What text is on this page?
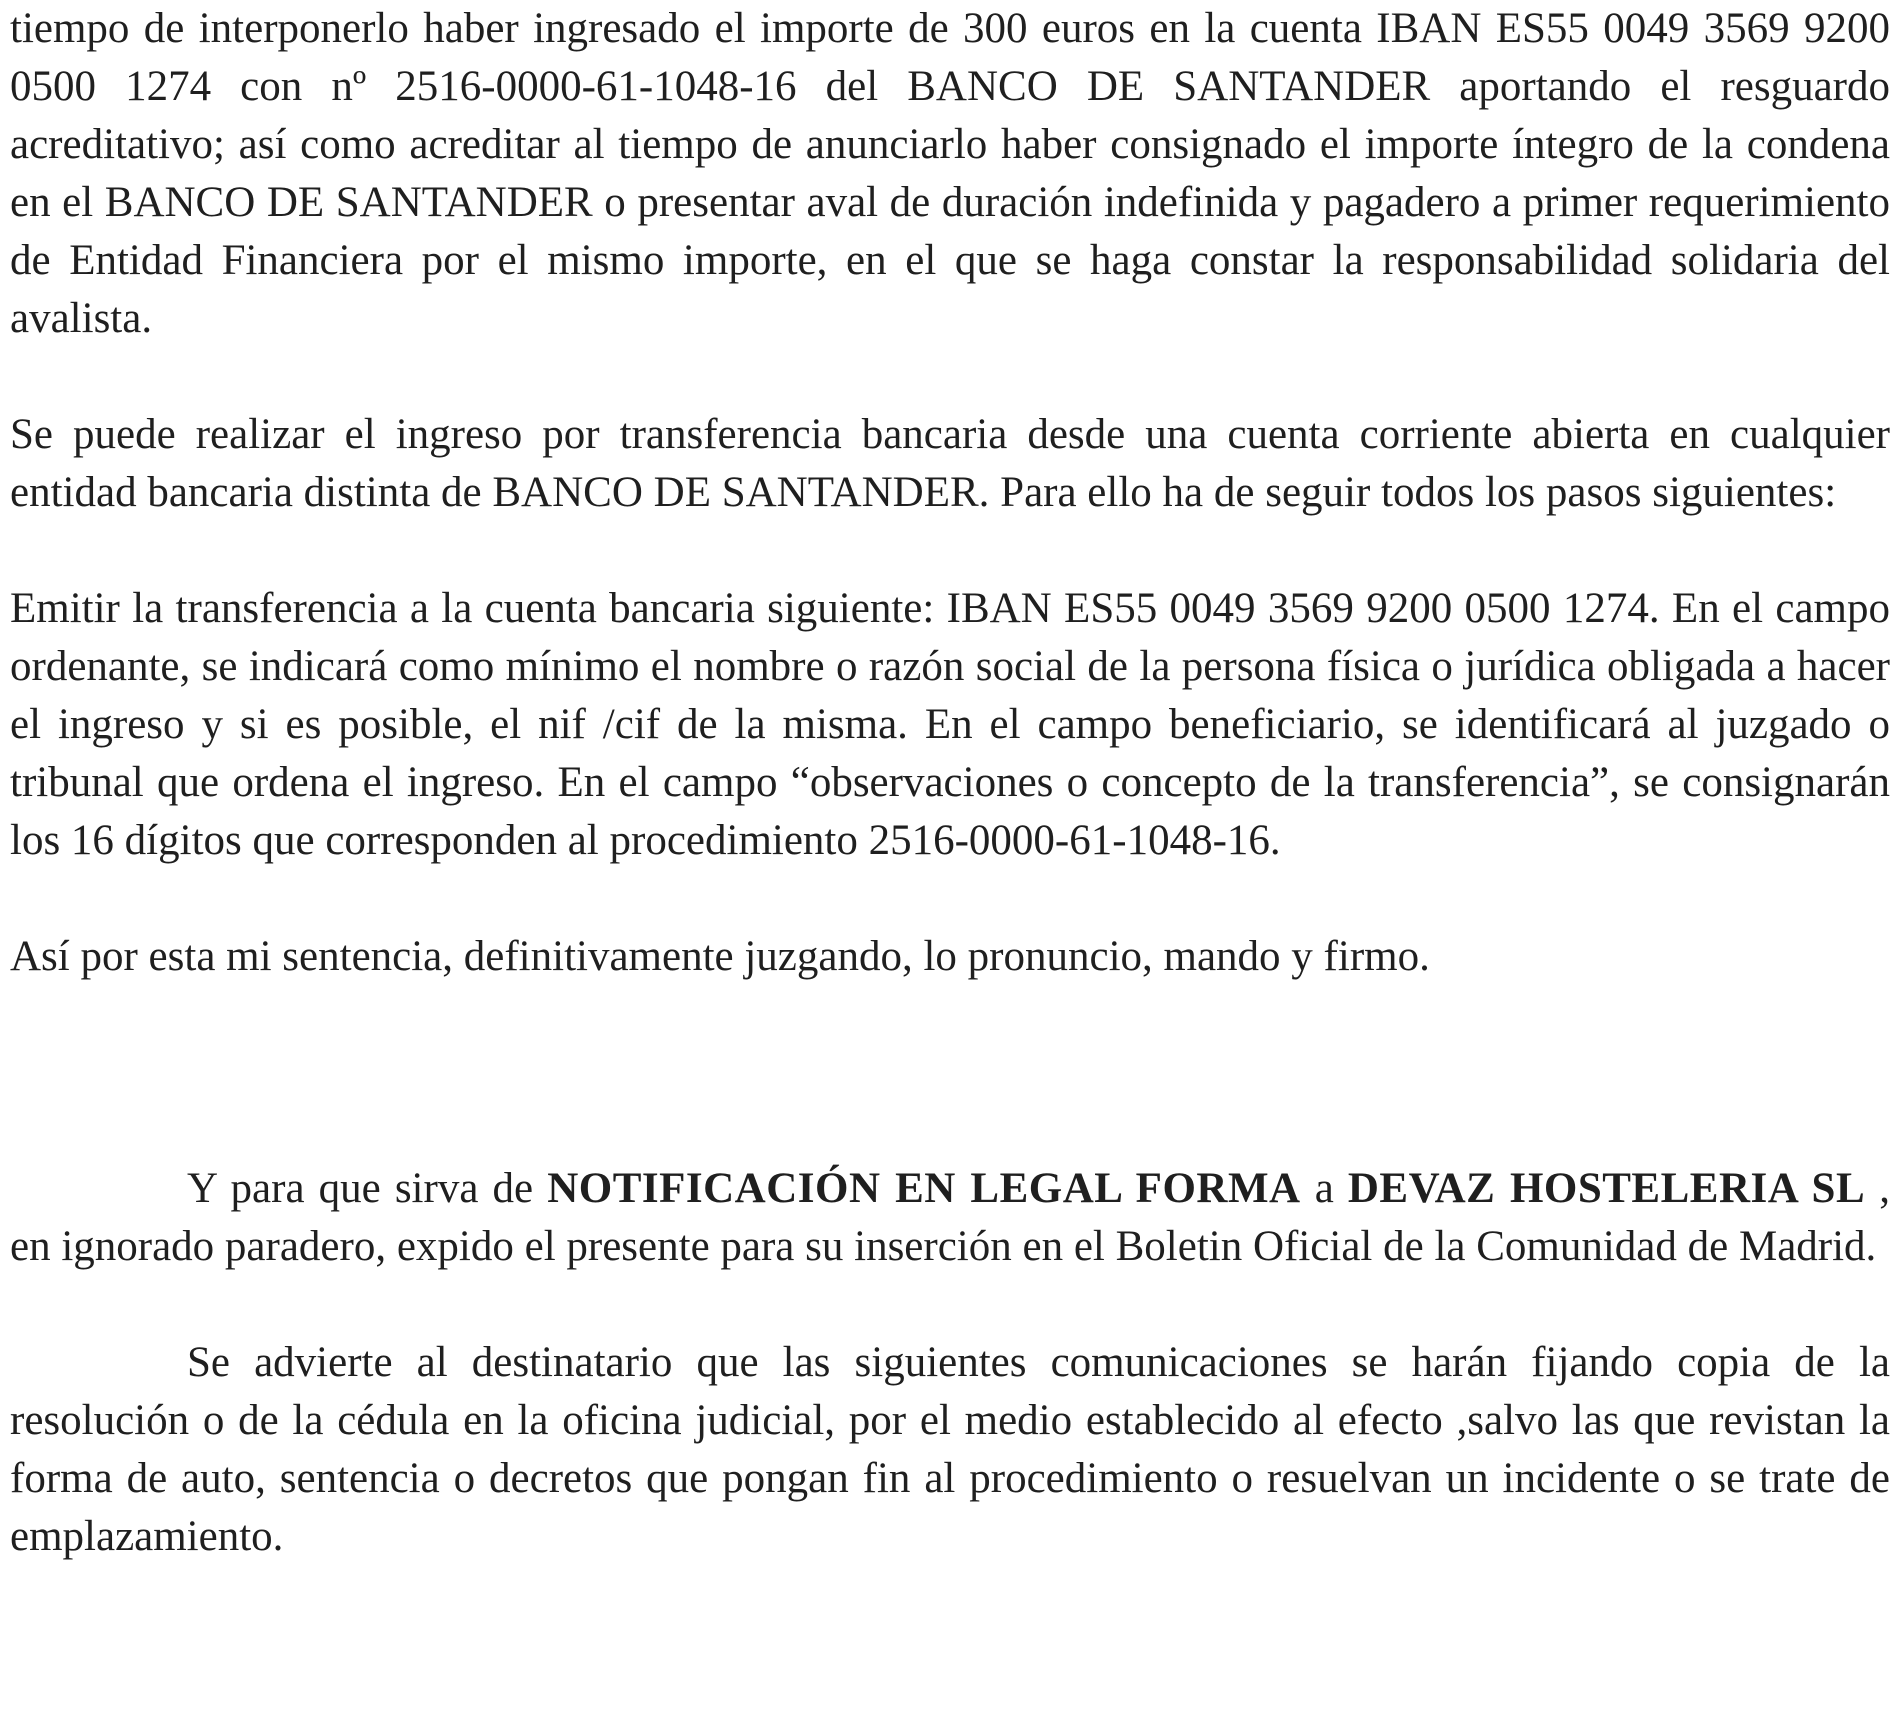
tiempo de interponerlo haber ingresado el importe de 300 euros en la cuenta IBAN ES55 0049 3569 9200 0500 1274 con nº 2516-0000-61-1048-16 del BANCO DE SANTANDER aportando el resguardo acreditativo; así como acreditar al tiempo de anunciarlo haber consignado el importe íntegro de la condena en el BANCO DE SANTANDER o presentar aval de duración indefinida y pagadero a primer requerimiento de Entidad Financiera por el mismo importe, en el que se haga constar la responsabilidad solidaria del avalista.

Se puede realizar el ingreso por transferencia bancaria desde una cuenta corriente abierta en cualquier entidad bancaria distinta de BANCO DE SANTANDER. Para ello ha de seguir todos los pasos siguientes:

Emitir la transferencia a la cuenta bancaria siguiente: IBAN ES55 0049 3569 9200 0500 1274. En el campo ordenante, se indicará como mínimo el nombre o razón social de la persona física o jurídica obligada a hacer el ingreso y si es posible, el nif /cif de la misma. En el campo beneficiario, se identificará al juzgado o tribunal que ordena el ingreso. En el campo “observaciones o concepto de la transferencia”, se consignarán los 16 dígitos que corresponden al procedimiento 2516-0000-61-1048-16.

Así por esta mi sentencia, definitivamente juzgando, lo pronuncio, mando y firmo.

Y para que sirva de NOTIFICACIÓN EN LEGAL FORMA a DEVAZ HOSTELERIA SL , en ignorado paradero, expido el presente para su inserción en el Boletin Oficial de la Comunidad de Madrid.

Se advierte al destinatario que las siguientes comunicaciones se harán fijando copia de la resolución o de la cédula en la oficina judicial, por el medio establecido al efecto ,salvo las que revistan la forma de auto, sentencia o decretos que pongan fin al procedimiento o resuelvan un incidente o se trate de emplazamiento.
